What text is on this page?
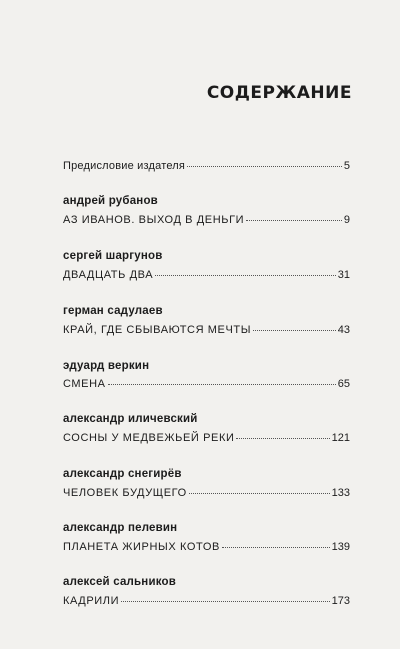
СОДЕРЖАНИЕ
Предисловие издателя	5
андрей рубанов
АЗ ИВАНОВ. ВЫХОД В ДЕНЬГИ	9
сергей шаргунов
ДВАДЦАТЬ ДВА	31
герман садулаев
КРАЙ, ГДЕ СБЫВАЮТСЯ МЕЧТЫ	43
эдуард веркин
СМЕНА	65
александр иличевский
СОСНЫ У МЕДВЕЖЬЕЙ РЕКИ	121
александр снегирёв
ЧЕЛОВЕК БУДУЩЕГО	133
александр пелевин
ПЛАНЕТА ЖИРНЫХ КОТОВ	139
алексей сальников
КАДРИЛИ	173
